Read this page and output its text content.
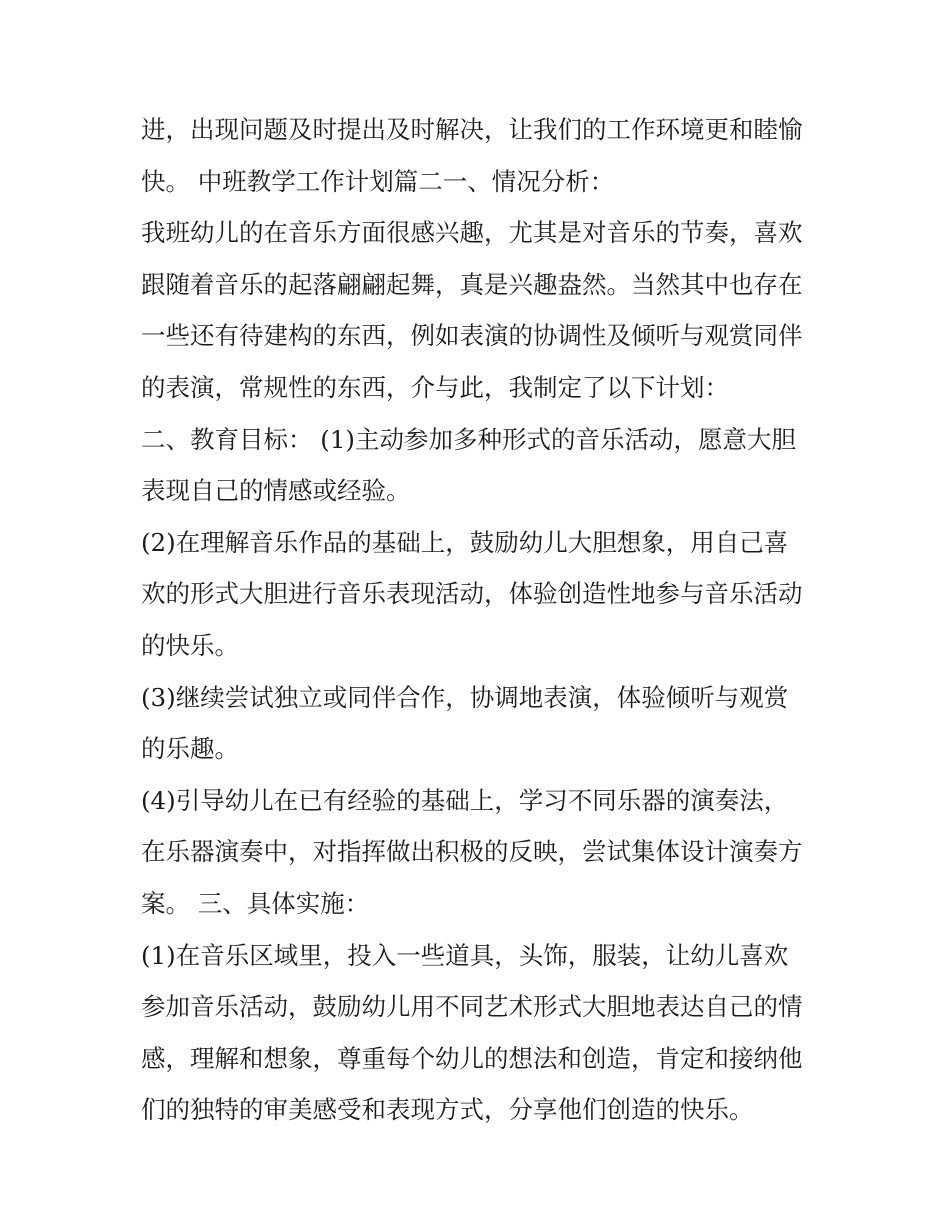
进，出现问题及时提出及时解决，让我们的工作环境更和睦愉
快。 中班教学工作计划篇二一、情况分析：
我班幼儿的在音乐方面很感兴趣，尤其是对音乐的节奏，喜欢
跟随着音乐的起落翩翩起舞，真是兴趣盎然。当然其中也存在
一些还有待建构的东西，例如表演的协调性及倾听与观赏同伴
的表演，常规性的东西，介与此，我制定了以下计划：
二、教育目标： (1)主动参加多种形式的音乐活动，愿意大胆
表现自己的情感或经验。
(2)在理解音乐作品的基础上，鼓励幼儿大胆想象，用自己喜
欢的形式大胆进行音乐表现活动，体验创造性地参与音乐活动
的快乐。
(3)继续尝试独立或同伴合作，协调地表演，体验倾听与观赏
的乐趣。
(4)引导幼儿在已有经验的基础上，学习不同乐器的演奏法，
在乐器演奏中，对指挥做出积极的反映，尝试集体设计演奏方
案。 三、具体实施：
(1)在音乐区域里，投入一些道具，头饰，服装，让幼儿喜欢
参加音乐活动，鼓励幼儿用不同艺术形式大胆地表达自己的情
感，理解和想象，尊重每个幼儿的想法和创造，肯定和接纳他
们的独特的审美感受和表现方式，分享他们创造的快乐。
